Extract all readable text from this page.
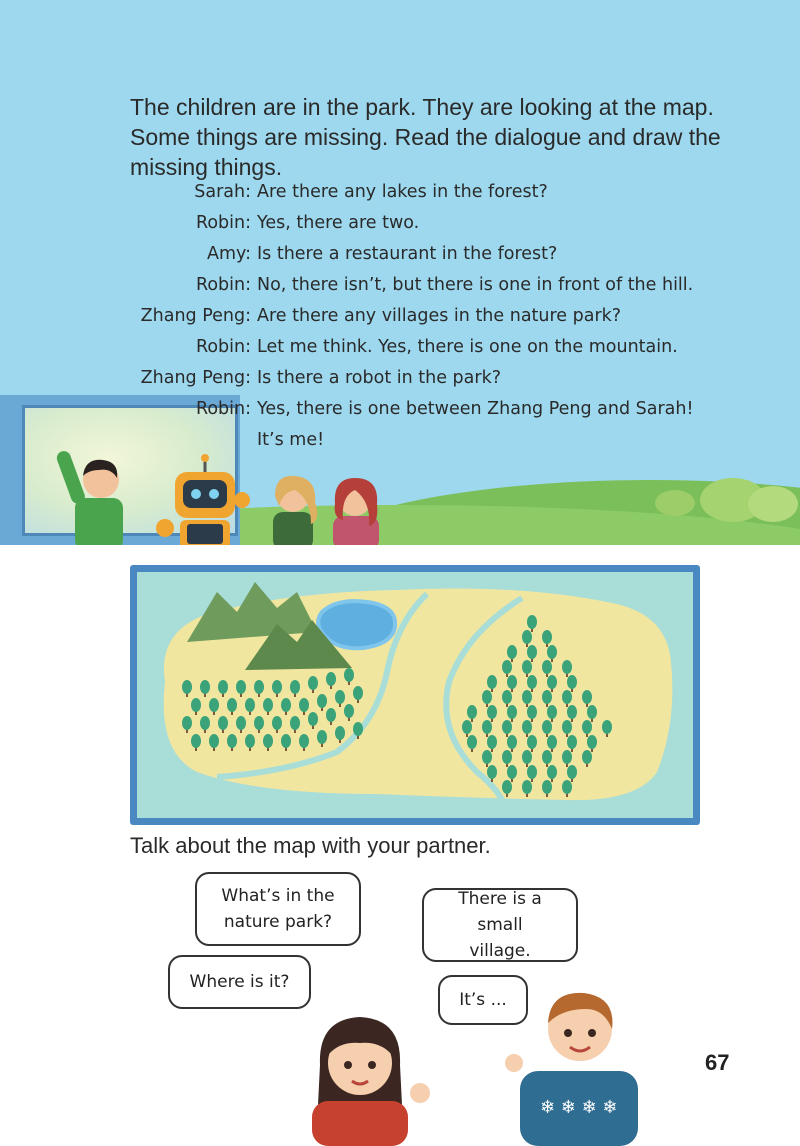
The children are in the park. They are looking at the map. Some things are missing. Read the dialogue and draw the missing things.
Sarah: Are there any lakes in the forest?
Robin: Yes, there are two.
Amy: Is there a restaurant in the forest?
Robin: No, there isn’t, but there is one in front of the hill.
Zhang Peng: Are there any villages in the nature park?
Robin: Let me think. Yes, there is one on the mountain.
Zhang Peng: Is there a robot in the park?
Robin: Yes, there is one between Zhang Peng and Sarah!
It’s me!
Talk about the map with your partner.
What’s in the nature park?
Where is it?
There is a small village.
It’s ...
❄ ❄ ❄ ❄
67
